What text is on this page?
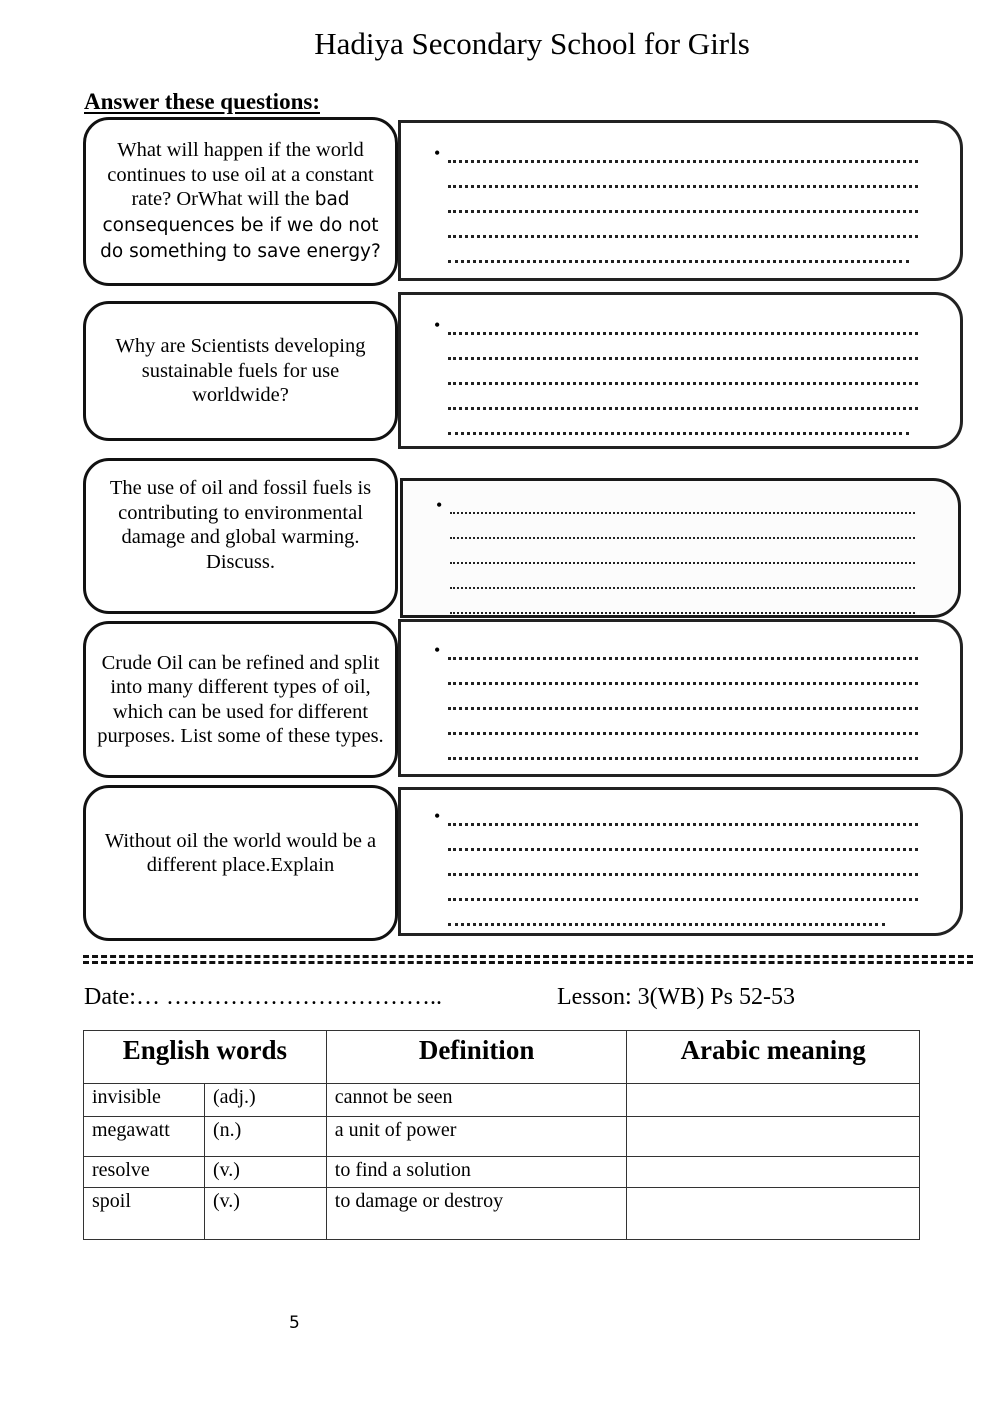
Hadiya Secondary School for Girls
Answer these questions:
What will happen if the world continues to use oil at a constant rate? OrWhat will the bad consequences be if we do not do something to save energy?
•
Why are Scientists developing sustainable fuels for use worldwide?
•
The use of oil and fossil fuels is contributing to environmental damage and global warming. Discuss.
•
Crude Oil can be refined and split into many different types of oil, which can be used for different purposes. List some of these types.
•
Without oil the world would be a different place.Explain
•
Date:… ……………………………..	Lesson: 3(WB) Ps 52-53
English words		Definition	Arabic meaning
invisible	(adj.)	cannot be seen	
megawatt	(n.)	a unit of power	
resolve	(v.)	to find a solution	
spoil	(v.)	to damage or destroy	
5
